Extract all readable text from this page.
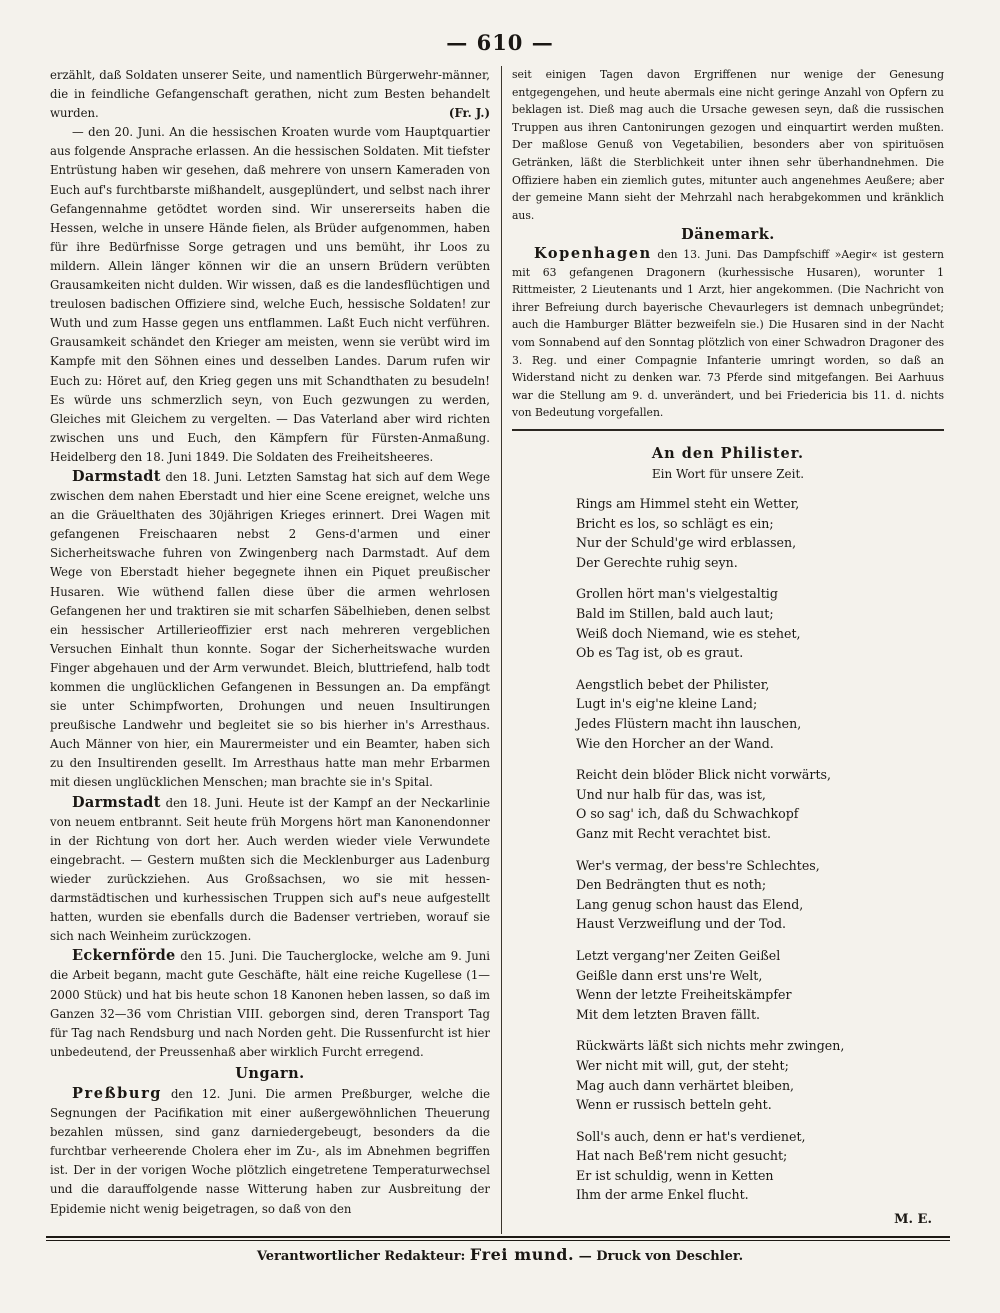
— 610 —

erzählt, daß Soldaten unserer Seite, und namentlich Bürgerwehr-männer, die in feindliche Gefangenschaft gerathen, nicht zum Besten behandelt wurden.	(Fr. J.)

— den 20. Juni. An die hessischen Kroaten wurde vom Hauptquartier aus folgende Ansprache erlassen. An die hessischen Soldaten. Mit tiefster Entrüstung haben wir gesehen, daß mehrere von unsern Kameraden von Euch auf's furchtbarste mißhandelt, ausgeplündert, und selbst nach ihrer Gefangennahme getödtet worden sind. Wir unsererseits haben die Hessen, welche in unsere Hände fielen, als Brüder aufgenommen, haben für ihre Bedürfnisse Sorge getragen und uns bemüht, ihr Loos zu mildern. Allein länger können wir die an unsern Brüdern verübten Grausamkeiten nicht dulden. Wir wissen, daß es die landesflüchtigen und treulosen badischen Offiziere sind, welche Euch, hessische Soldaten! zur Wuth und zum Hasse gegen uns entflammen. Laßt Euch nicht verführen. Grausamkeit schändet den Krieger am meisten, wenn sie verübt wird im Kampfe mit den Söhnen eines und desselben Landes. Darum rufen wir Euch zu: Höret auf, den Krieg gegen uns mit Schandthaten zu besudeln! Es würde uns schmerzlich seyn, von Euch gezwungen zu werden, Gleiches mit Gleichem zu vergelten. — Das Vaterland aber wird richten zwischen uns und Euch, den Kämpfern für Fürsten-Anmaßung. Heidelberg den 18. Juni 1849. Die Soldaten des Freiheitsheeres.

Darmstadt den 18. Juni. Letzten Samstag hat sich auf dem Wege zwischen dem nahen Eberstadt und hier eine Scene ereignet, welche uns an die Gräuelthaten des 30jährigen Krieges erinnert. Drei Wagen mit gefangenen Freischaaren nebst 2 Gens-d'armen und einer Sicherheitswache fuhren von Zwingenberg nach Darmstadt. Auf dem Wege von Eberstadt hieher begegnete ihnen ein Piquet preußischer Husaren. Wie wüthend fallen diese über die armen wehrlosen Gefangenen her und traktiren sie mit scharfen Säbelhieben, denen selbst ein hessischer Artillerieoffizier erst nach mehreren vergeblichen Versuchen Einhalt thun konnte. Sogar der Sicherheitswache wurden Finger abgehauen und der Arm verwundet. Bleich, bluttriefend, halb todt kommen die unglücklichen Gefangenen in Bessungen an. Da empfängt sie unter Schimpfworten, Drohungen und neuen Insultirungen preußische Landwehr und begleitet sie so bis hierher in's Arresthaus. Auch Männer von hier, ein Maurermeister und ein Beamter, haben sich zu den Insultirenden gesellt. Im Arresthaus hatte man mehr Erbarmen mit diesen unglücklichen Menschen; man brachte sie in's Spital.

Darmstadt den 18. Juni. Heute ist der Kampf an der Neckarlinie von neuem entbrannt. Seit heute früh Morgens hört man Kanonendonner in der Richtung von dort her. Auch werden wieder viele Verwundete eingebracht. — Gestern mußten sich die Mecklenburger aus Ladenburg wieder zurückziehen. Aus Großsachsen, wo sie mit hessen-darmstädtischen und kurhessischen Truppen sich auf's neue aufgestellt hatten, wurden sie ebenfalls durch die Badenser vertrieben, worauf sie sich nach Weinheim zurückzogen.

Eckernförde den 15. Juni. Die Taucherglocke, welche am 9. Juni die Arbeit begann, macht gute Geschäfte, hält eine reiche Kugellese (1—2000 Stück) und hat bis heute schon 18 Kanonen heben lassen, so daß im Ganzen 32—36 vom Christian VIII. geborgen sind, deren Transport Tag für Tag nach Rendsburg und nach Norden geht. Die Russenfurcht ist hier unbedeutend, der Preussenhaß aber wirklich Furcht erregend.

Ungarn.

Preßburg den 12. Juni. Die armen Preßburger, welche die Segnungen der Pacifikation mit einer außergewöhnlichen Theuerung bezahlen müssen, sind ganz darniedergebeugt, besonders da die furchtbar verheerende Cholera eher im Zu-, als im Abnehmen begriffen ist. Der in der vorigen Woche plötzlich eingetretene Temperaturwechsel und die darauffolgende nasse Witterung haben zur Ausbreitung der Epidemie nicht wenig beigetragen, so daß von den

seit einigen Tagen davon Ergriffenen nur wenige der Genesung entgegengehen, und heute abermals eine nicht geringe Anzahl von Opfern zu beklagen ist. Dieß mag auch die Ursache gewesen seyn, daß die russischen Truppen aus ihren Cantonirungen gezogen und einquartirt werden mußten. Der maßlose Genuß von Vegetabilien, besonders aber von spirituösen Getränken, läßt die Sterblichkeit unter ihnen sehr überhandnehmen. Die Offiziere haben ein ziemlich gutes, mitunter auch angenehmes Aeußere; aber der gemeine Mann sieht der Mehrzahl nach herabgekommen und kränklich aus.

Dänemark.

Kopenhagen den 13. Juni. Das Dampfschiff »Aegir« ist gestern mit 63 gefangenen Dragonern (kurhessische Husaren), worunter 1 Rittmeister, 2 Lieutenants und 1 Arzt, hier angekommen. (Die Nachricht von ihrer Befreiung durch bayerische Chevaurlegers ist demnach unbegründet; auch die Hamburger Blätter bezweifeln sie.) Die Husaren sind in der Nacht vom Sonnabend auf den Sonntag plötzlich von einer Schwadron Dragoner des 3. Reg. und einer Compagnie Infanterie umringt worden, so daß an Widerstand nicht zu denken war. 73 Pferde sind mitgefangen. Bei Aarhuus war die Stellung am 9. d. unverändert, und bei Friedericia bis 11. d. nichts von Bedeutung vorgefallen.

An den Philister.

Ein Wort für unsere Zeit.

Rings am Himmel steht ein Wetter,
Bricht es los, so schlägt es ein;
Nur der Schuld'ge wird erblassen,
Der Gerechte ruhig seyn.

Grollen hört man's vielgestaltig
Bald im Stillen, bald auch laut;
Weiß doch Niemand, wie es stehet,
Ob es Tag ist, ob es graut.

Aengstlich bebet der Philister,
Lugt in's eig'ne kleine Land;
Jedes Flüstern macht ihn lauschen,
Wie den Horcher an der Wand.

Reicht dein blöder Blick nicht vorwärts,
Und nur halb für das, was ist,
O so sag' ich, daß du Schwachkopf
Ganz mit Recht verachtet bist.

Wer's vermag, der bess're Schlechtes,
Den Bedrängten thut es noth;
Lang genug schon haust das Elend,
Haust Verzweiflung und der Tod.

Letzt vergang'ner Zeiten Geißel
Geißle dann erst uns're Welt,
Wenn der letzte Freiheitskämpfer
Mit dem letzten Braven fällt.

Rückwärts läßt sich nichts mehr zwingen,
Wer nicht mit will, gut, der steht;
Mag auch dann verhärtet bleiben,
Wenn er russisch betteln geht.

Soll's auch, denn er hat's verdienet,
Hat nach Beß'rem nicht gesucht;
Er ist schuldig, wenn in Ketten
Ihm der arme Enkel flucht.

M. E.
Verantwortlicher Redakteur: Frei mund. — Druck von Deschler.
